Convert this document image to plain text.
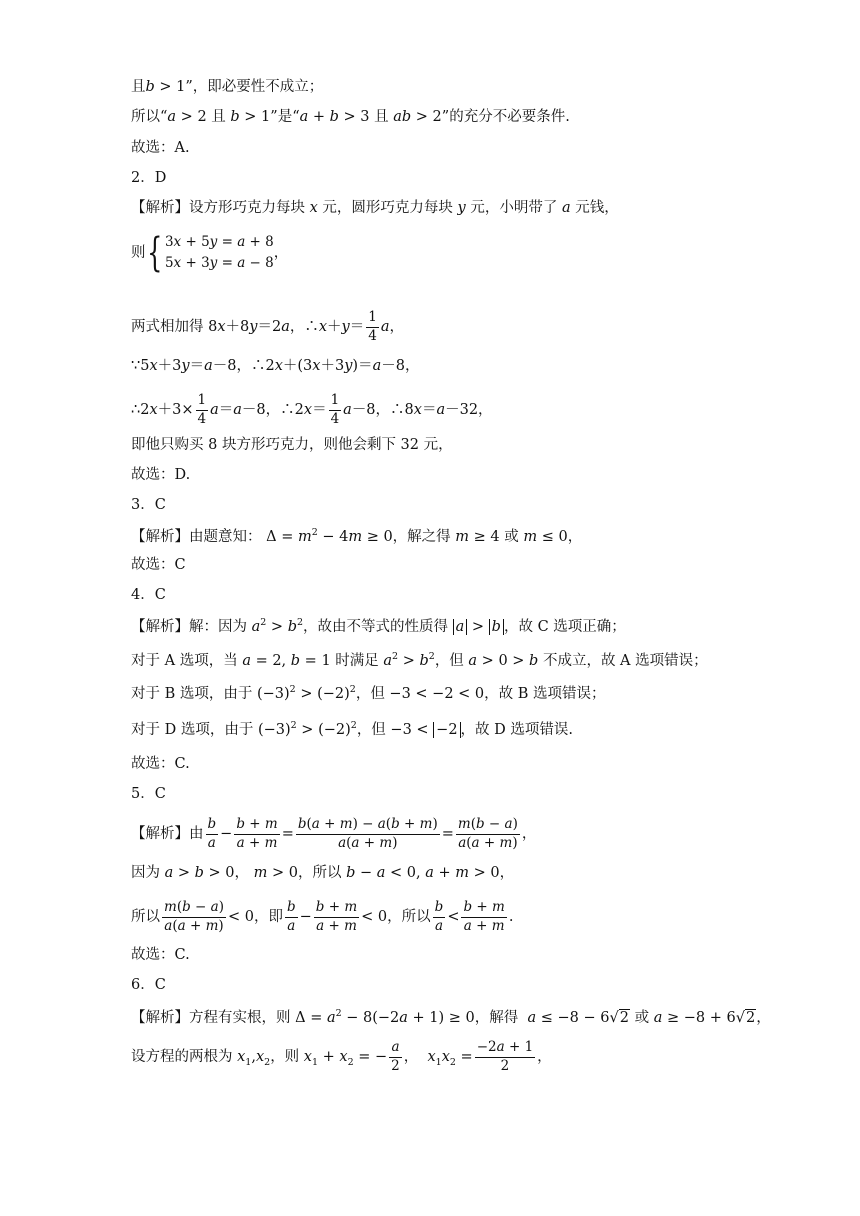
且b > 1”，即必要性不成立；
所以“a > 2 且 b > 1”是“a + b > 3 且 ab > 2”的充分不必要条件.
故选：A.
2．D
【解析】设方形巧克力每块 x 元，圆形巧克力每块 y 元，小明带了 a 元钱，
则{ 3x + 5y = a + 8
5x + 3y = a − 8，
两式相加得 8x＋8y＝2a，∴x＋y＝ $\frac{1}{4}$ a，
∵5x＋3y＝a－8，∴2x＋(3x＋3y)＝a－8，
∴2x＋3× $\frac{1}{4} a=a-8$，∴2x＝ $\frac{1}{4} a-8$，∴8x＝a－32，
即他只购买 8 块方形巧克力，则他会剩下 32 元，
故选：D.
3．C
【解析】由题意知： $\Delta = m^2 - 4m \ge 0$，解之得 m ≥ 4 或 m ≤ 0，
故选：C
4．C
【解析】解：因为 $a^2 > b^2$，故由不等式的性质得 a > b ，故 C 选项正确；
对于 A 选项，当 a = 2, b = 1 时满足 $a^2 > b^2$，但 a > 0 > b 不成立，故 A 选项错误；
对于 B 选项，由于 $(-3)^2 > (-2)^2$，但 −3 < −2 < 0，故 B 选项错误；
对于 D 选项，由于 $(-3)^2 > (-2)^2$，但 −3 < −2 ，故 D 选项错误.
故选：C.
5．C
【解析】由 $\frac{b}{a} - \frac{b + m}{a + m} = \frac{b(a + m) - a(b + m)}{a(a + m)} = \frac{m(b - a)}{a(a + m)}$ ，
因为 a > b > 0， m > 0，所以 b − a < 0, a + m > 0，
所以 $\frac{m(b - a)}{a(a + m)} < 0$，即 $\frac{b}{a} - \frac{b + m}{a + m} < 0$，所以 $\frac{b}{a} < \frac{b + m}{a + m}$ .
故选：C.
6．C
【解析】方程有实根，则 $\Delta = a^2 - 8(-2a + 1) \ge 0$，解得  a ≤ −8 − 6√2 或 a ≥ −8 + 6√2，
设方程的两根为 $x_1,x_2$，则 $x_1 + x_2$ = − $\frac{a}{2}$ ，  $x_1x_2 = \frac{-2a + 1}{2}$ ，
